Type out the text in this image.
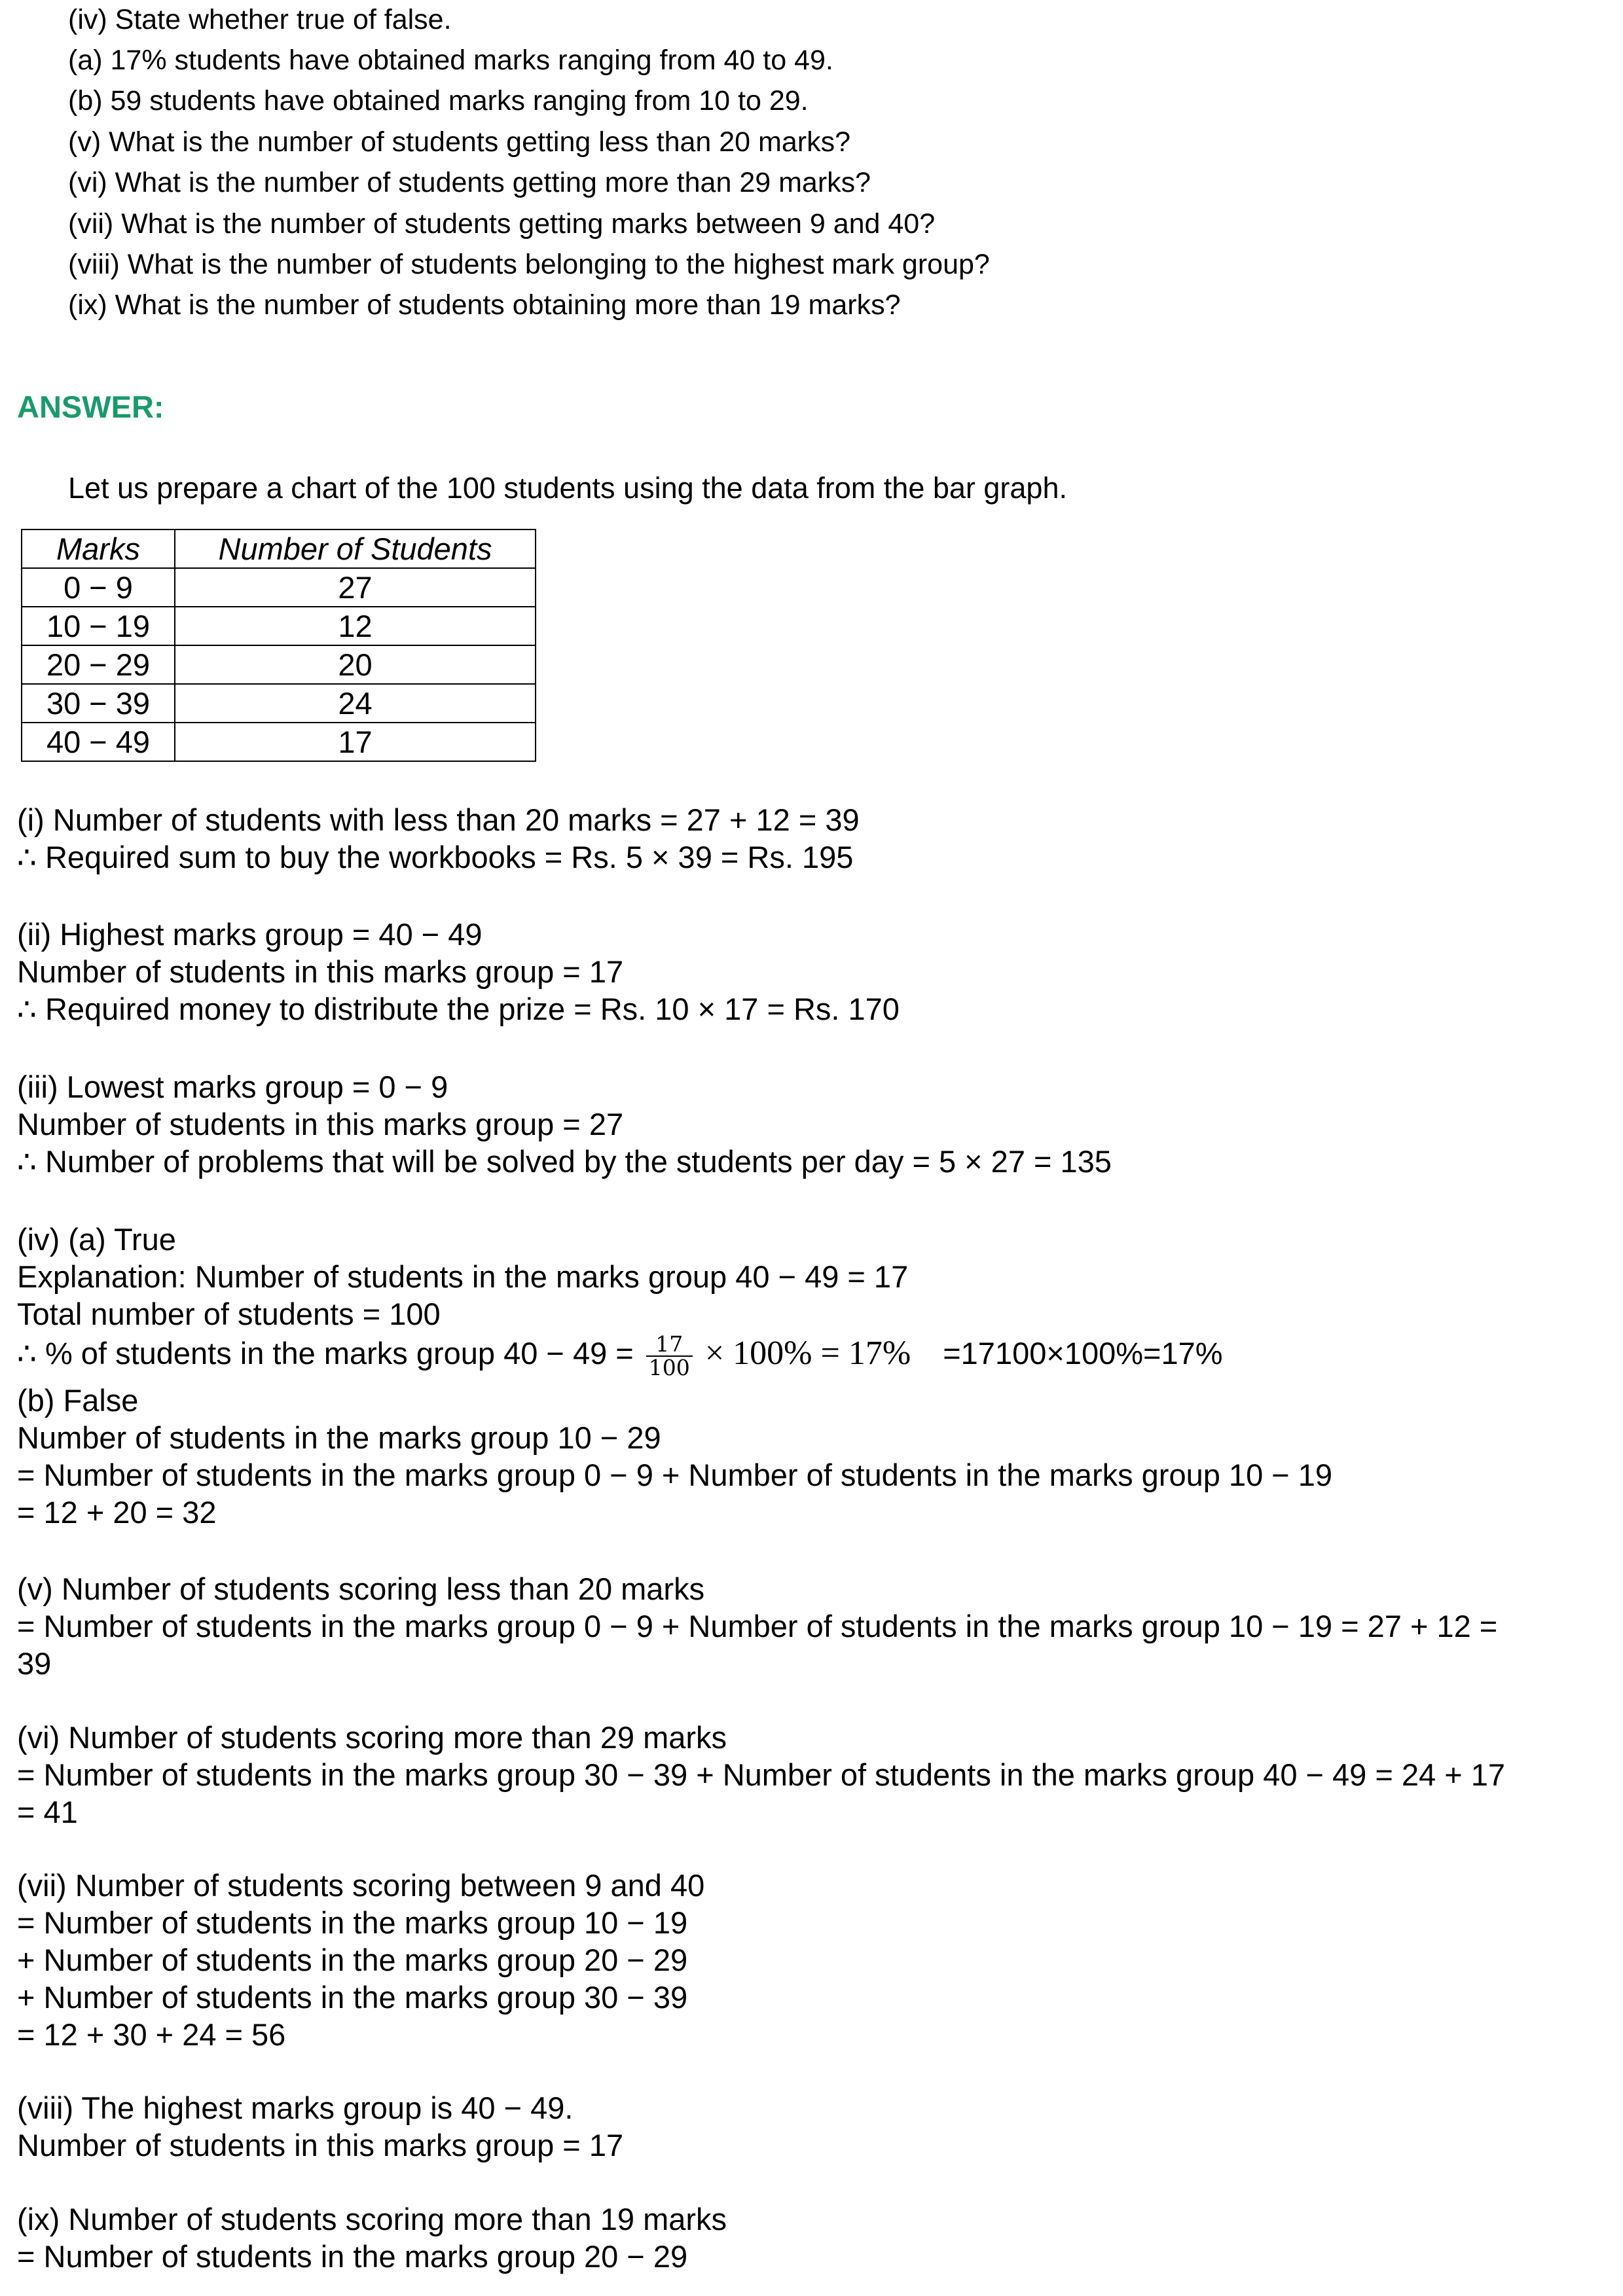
(iv) State whether true of false.
(a) 17% students have obtained marks ranging from 40 to 49.
(b) 59 students have obtained marks ranging from 10 to 29.
(v) What is the number of students getting less than 20 marks?
(vi) What is the number of students getting more than 29 marks?
(vii) What is the number of students getting marks between 9 and 40?
(viii) What is the number of students belonging to the highest mark group?
(ix) What is the number of students obtaining more than 19 marks?
ANSWER:
Let us prepare a chart of the 100 students using the data from the bar graph.
Marks	Number of Students
0 − 9	27
10 − 19	12
20 − 29	20
30 − 39	24
40 − 49	17
(i) Number of students with less than 20 marks = 27 + 12 = 39
∴ Required sum to buy the workbooks = Rs. 5 × 39 = Rs. 195
(ii) Highest marks group = 40 − 49
Number of students in this marks group = 17
∴ Required money to distribute the prize = Rs. 10 × 17 = Rs. 170
(iii) Lowest marks group = 0 − 9
Number of students in this marks group = 27
∴ Number of problems that will be solved by the students per day = 5 × 27 = 135
(iv) (a) True
Explanation: Number of students in the marks group 40 − 49 = 17
Total number of students = 100
∴ % of students in the marks group $40 - 49 = \frac{17}{100} \times 100\% = 17\% =17100\times 100\%=17\%$
(b) False
Number of students in the marks group 10 − 29
= Number of students in the marks group 0 − 9 + Number of students in the marks group 10 − 19
= 12 + 20 = 32
(v) Number of students scoring less than 20 marks
= Number of students in the marks group 0 − 9 + Number of students in the marks group 10 − 19 = 27 + 12 =
39
(vi) Number of students scoring more than 29 marks
= Number of students in the marks group 30 − 39 + Number of students in the marks group 40 − 49 = 24 + 17
= 41
(vii) Number of students scoring between 9 and 40
= Number of students in the marks group 10 − 19
+ Number of students in the marks group 20 − 29
+ Number of students in the marks group 30 − 39
= 12 + 30 + 24 = 56
(viii) The highest marks group is 40 − 49.
Number of students in this marks group = 17
(ix) Number of students scoring more than 19 marks
= Number of students in the marks group 20 − 29
